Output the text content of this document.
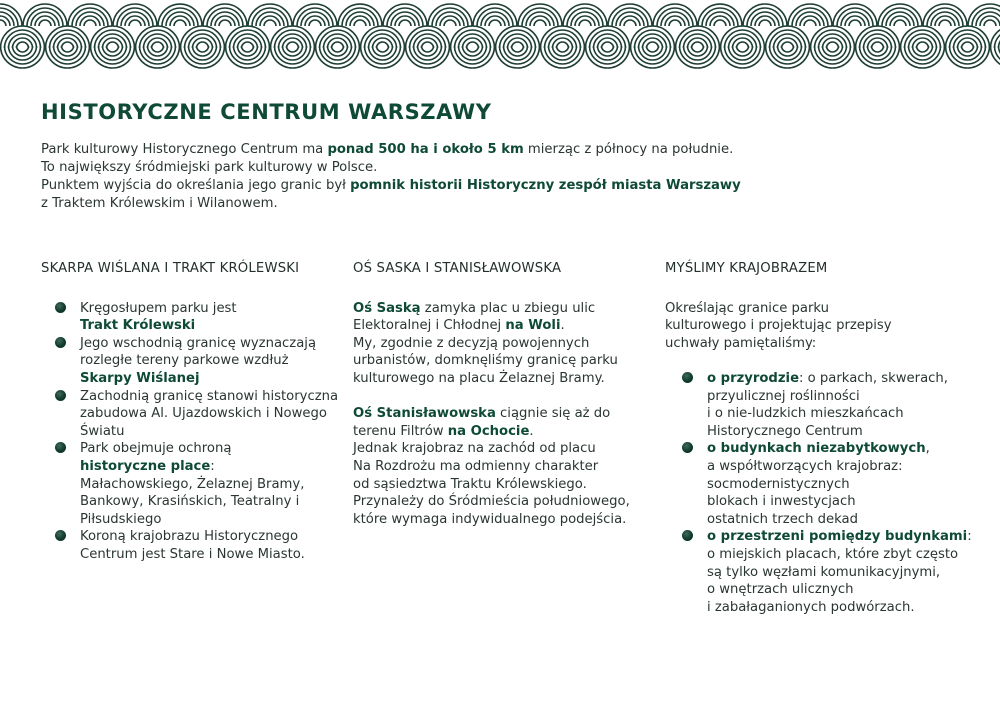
HISTORYCZNE CENTRUM WARSZAWY

Park kulturowy Historycznego Centrum ma ponad 500 ha i około 5 km mierząc z północy na południe.

To największy śródmiejski park kulturowy w Polsce.

Punktem wyjścia do określania jego granic był pomnik historii Historyczny zespół miasta Warszawy

z Traktem Królewskim i Wilanowem.

SKARPA WIŚLANA I TRAKT KRÓLEWSKI
Kręgosłupem parku jest
Trakt Królewski
Jego wschodnią granicę wyznaczają rozległe tereny parkowe wzdłuż Skarpy Wiślanej
Zachodnią granicę stanowi historyczna zabudowa Al. Ujazdowskich i Nowego Światu
Park obejmuje ochroną
historyczne place:
Małachowskiego, Żelaznej Bramy, Bankowy, Krasińskich, Teatralny i Piłsudskiego
Koroną krajobrazu Historycznego Centrum jest Stare i Nowe Miasto.
OŚ SASKA I STANISŁAWOWSKA

Oś Saską zamyka plac u zbiegu ulic
Elektoralnej i Chłodnej na Woli.
My, zgodnie z decyzją powojennych
urbanistów, domknęliśmy granicę parku
kulturowego na placu Żelaznej Bramy.

Oś Stanisławowska ciągnie się aż do
terenu Filtrów na Ochocie.
Jednak krajobraz na zachód od placu
Na Rozdrożu ma odmienny charakter
od sąsiedztwa Traktu Królewskiego.
Przynależy do Śródmieścia południowego,
które wymaga indywidualnego podejścia.

MYŚLIMY KRAJOBRAZEM

Określając granice parku
kulturowego i projektując przepisy
uchwały pamiętaliśmy:

o przyrodzie: o parkach, skwerach,
przyulicznej roślinności
i o nie-ludzkich mieszkańcach
Historycznego Centrum
o budynkach niezabytkowych,
a współtworzących krajobraz:
socmodernistycznych
blokach i inwestycjach
ostatnich trzech dekad
o przestrzeni pomiędzy budynkami:
o miejskich placach, które zbyt często
są tylko węzłami komunikacyjnymi,
o wnętrzach ulicznych
i zabałaganionych podwórzach.
